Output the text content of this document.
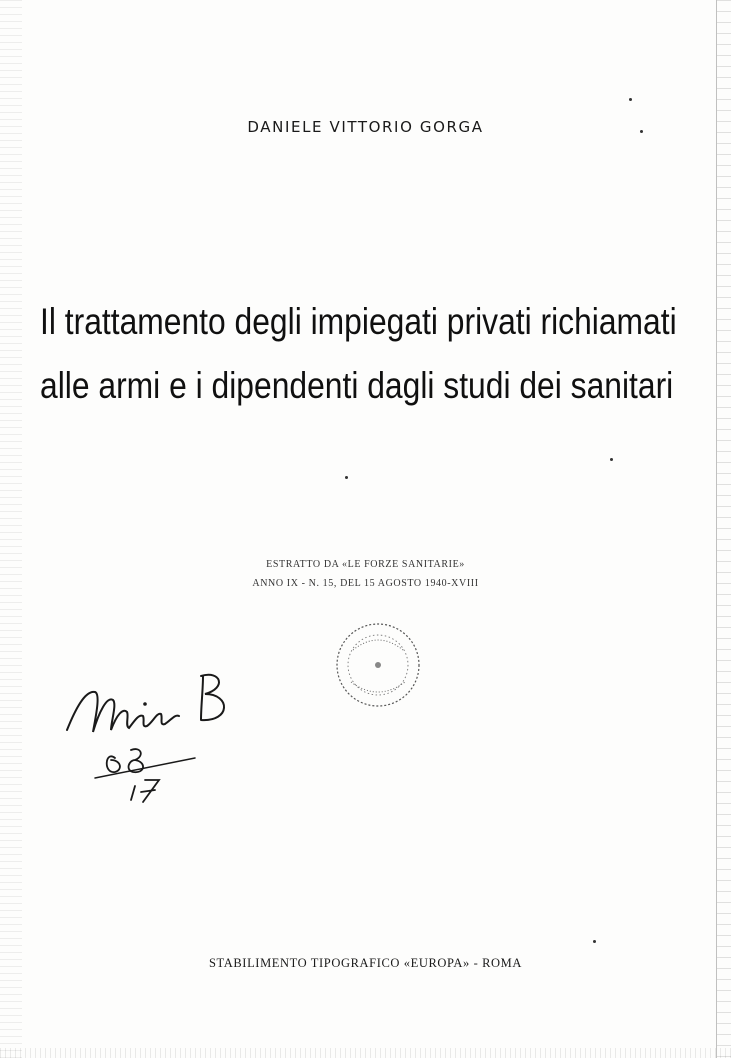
DANIELE VITTORIO GORGA
Il trattamento degli impiegati privati richiamati
alle armi e i dipendenti dagli studi dei sanitari
ESTRATTO DA «LE FORZE SANITARIE»
ANNO IX - N. 15, DEL 15 AGOSTO 1940-XVIII
STABILIMENTO TIPOGRAFICO «EUROPA» - ROMA
